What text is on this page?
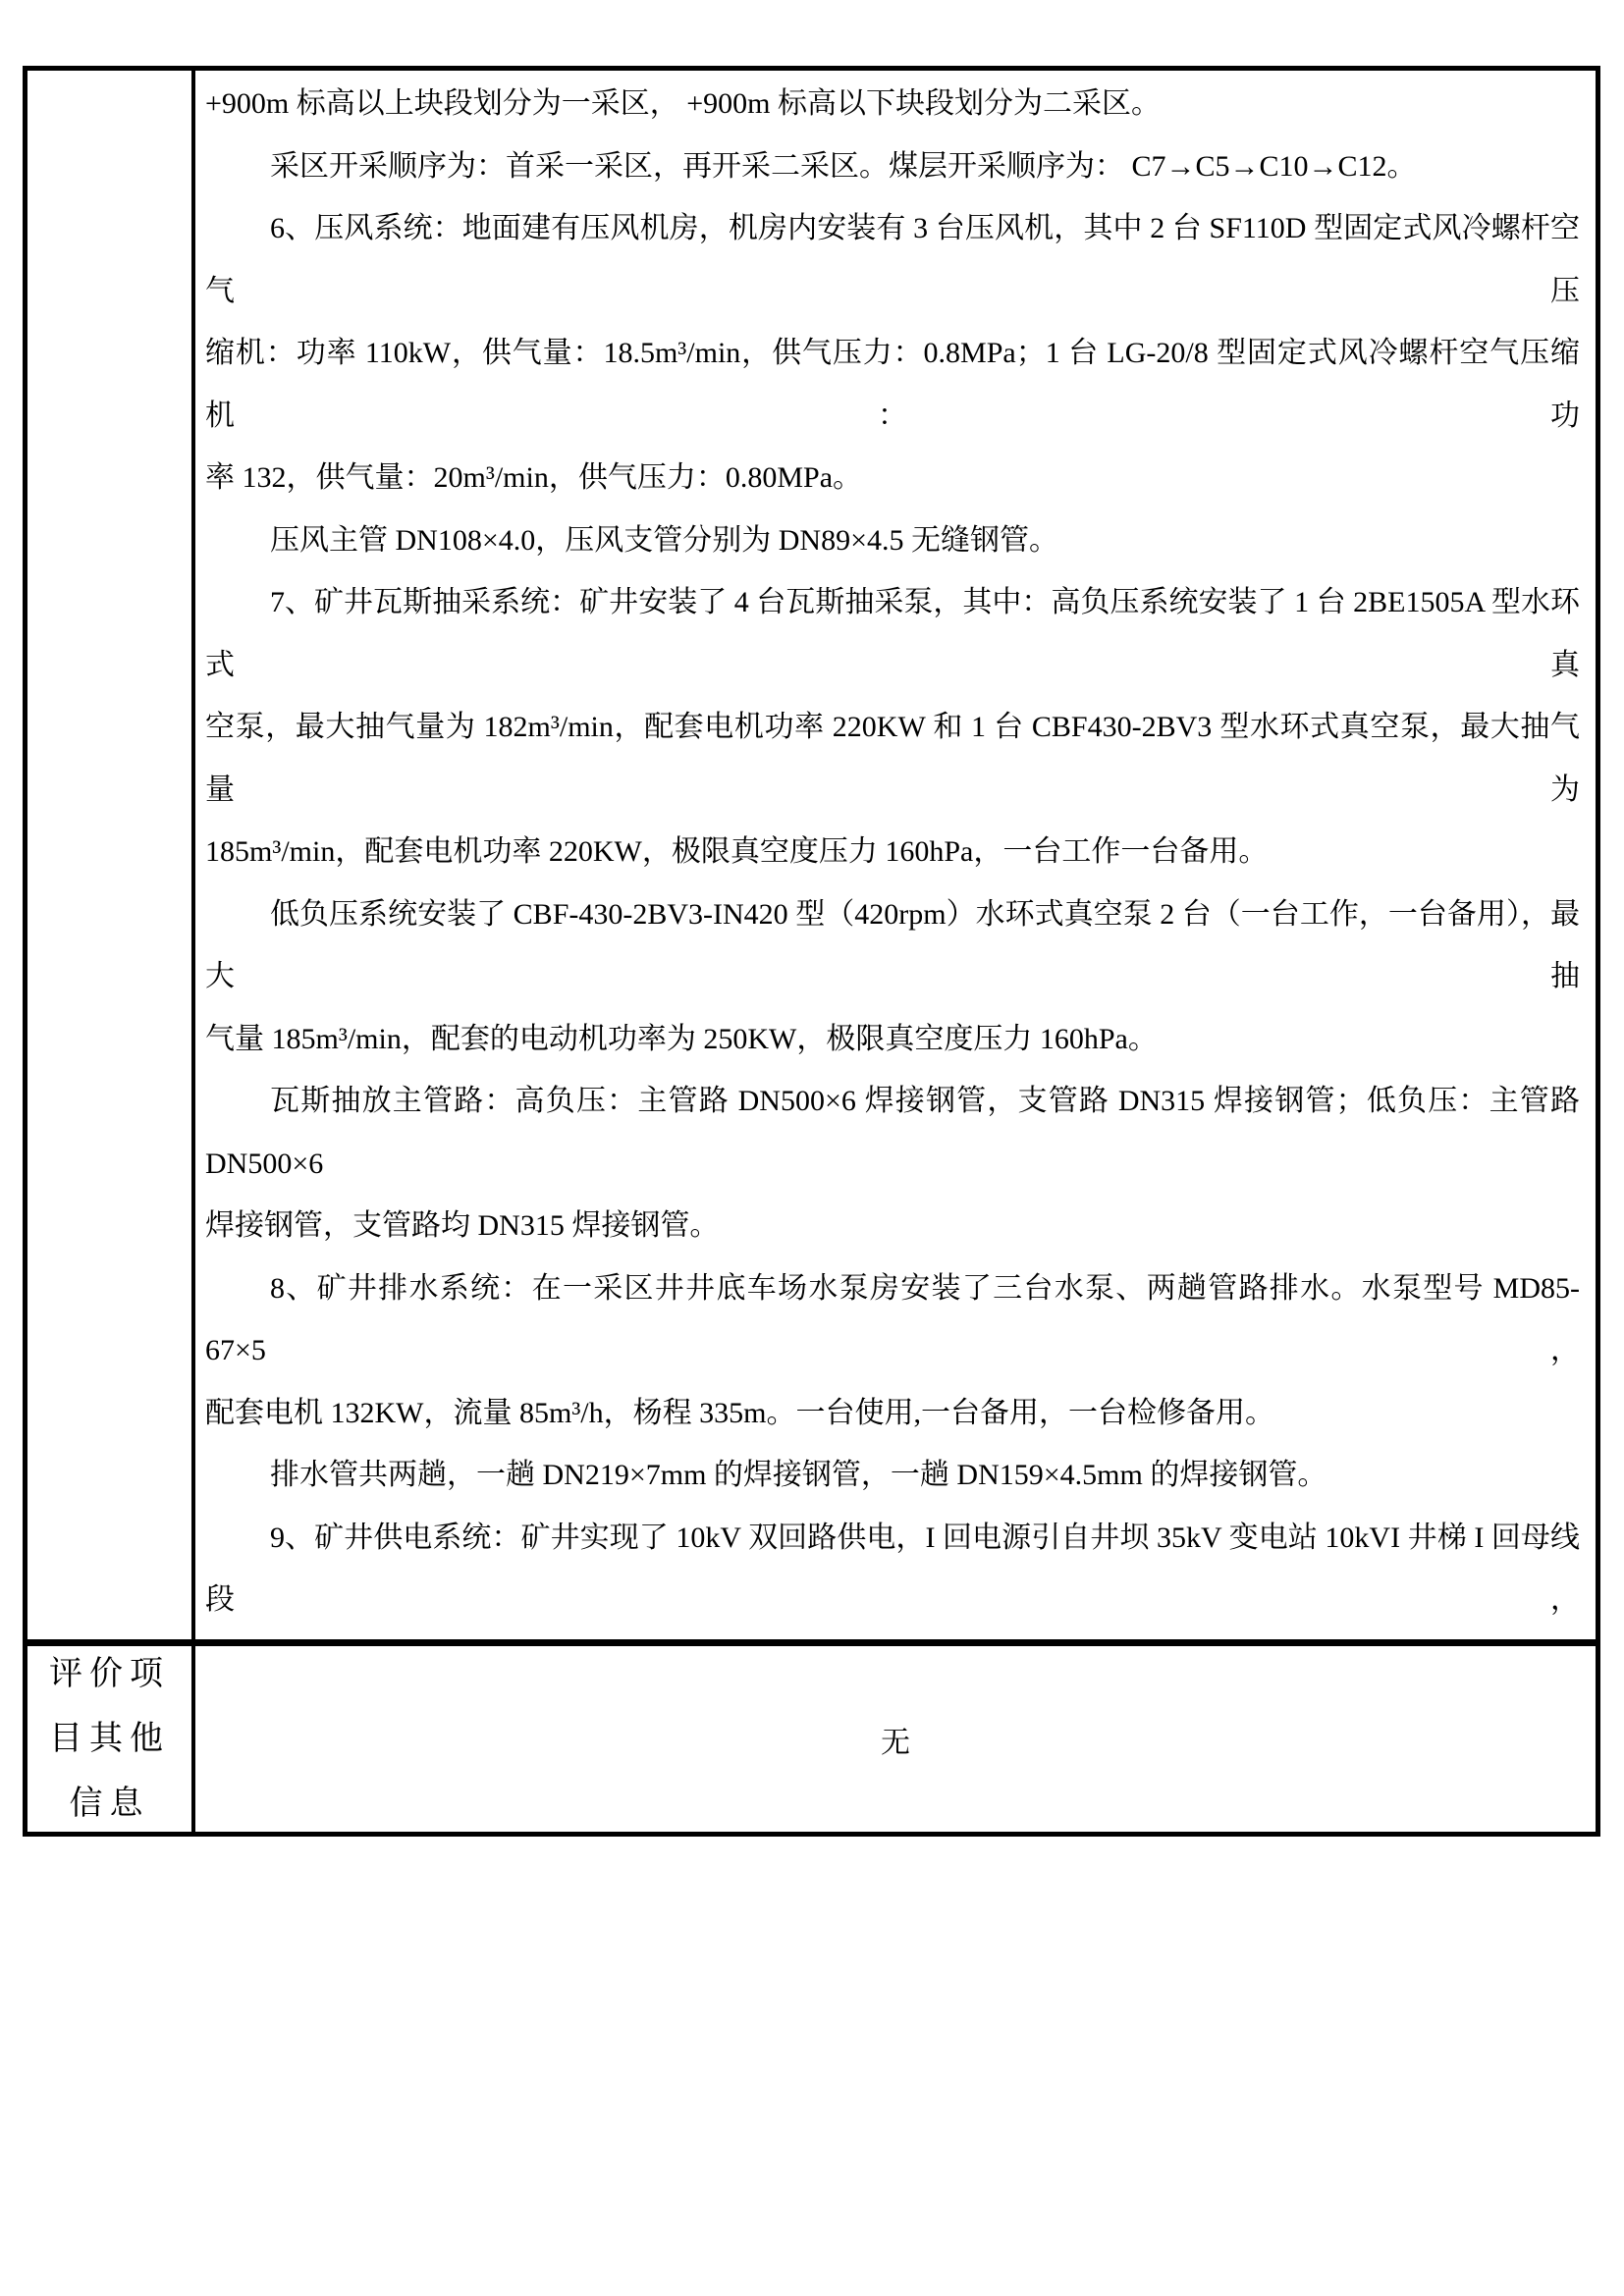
+900m 标高以上块段划分为一采区， +900m 标高以下块段划分为二采区。
采区开采顺序为：首采一采区，再开采二采区。煤层开采顺序为： C7→C5→C10→C12。
6、压风系统：地面建有压风机房，机房内安装有 3 台压风机，其中 2 台 SF110D 型固定式风冷螺杆空气压
缩机：功率 110kW，供气量：18.5m³/min，供气压力：0.8MPa；1 台 LG-20/8 型固定式风冷螺杆空气压缩机：功
率 132，供气量：20m³/min，供气压力：0.80MPa。
压风主管 DN108×4.0，压风支管分别为 DN89×4.5 无缝钢管。
7、矿井瓦斯抽采系统：矿井安装了 4 台瓦斯抽采泵，其中：高负压系统安装了 1 台 2BE1505A 型水环式真
空泵，最大抽气量为 182m³/min，配套电机功率 220KW 和 1 台 CBF430-2BV3 型水环式真空泵，最大抽气量为
185m³/min，配套电机功率 220KW，极限真空度压力 160hPa，一台工作一台备用。
低负压系统安装了 CBF-430-2BV3-IN420 型（420rpm）水环式真空泵 2 台（一台工作，一台备用），最大抽
气量 185m³/min，配套的电动机功率为 250KW，极限真空度压力 160hPa。
瓦斯抽放主管路：高负压：主管路 DN500×6 焊接钢管，支管路 DN315 焊接钢管；低负压：主管路 DN500×6
焊接钢管，支管路均 DN315 焊接钢管。
8、矿井排水系统：在一采区井井底车场水泵房安装了三台水泵、两趟管路排水。水泵型号 MD85-67×5，
配套电机 132KW，流量 85m³/h，杨程 335m。一台使用,一台备用，一台检修备用。
排水管共两趟，一趟 DN219×7mm 的焊接钢管，一趟 DN159×4.5mm 的焊接钢管。
9、矿井供电系统：矿井实现了 10kV 双回路供电，I 回电源引自井坝 35kV 变电站 10kVI 井梯 I 回母线段，
评价项
目其他
信息
无
